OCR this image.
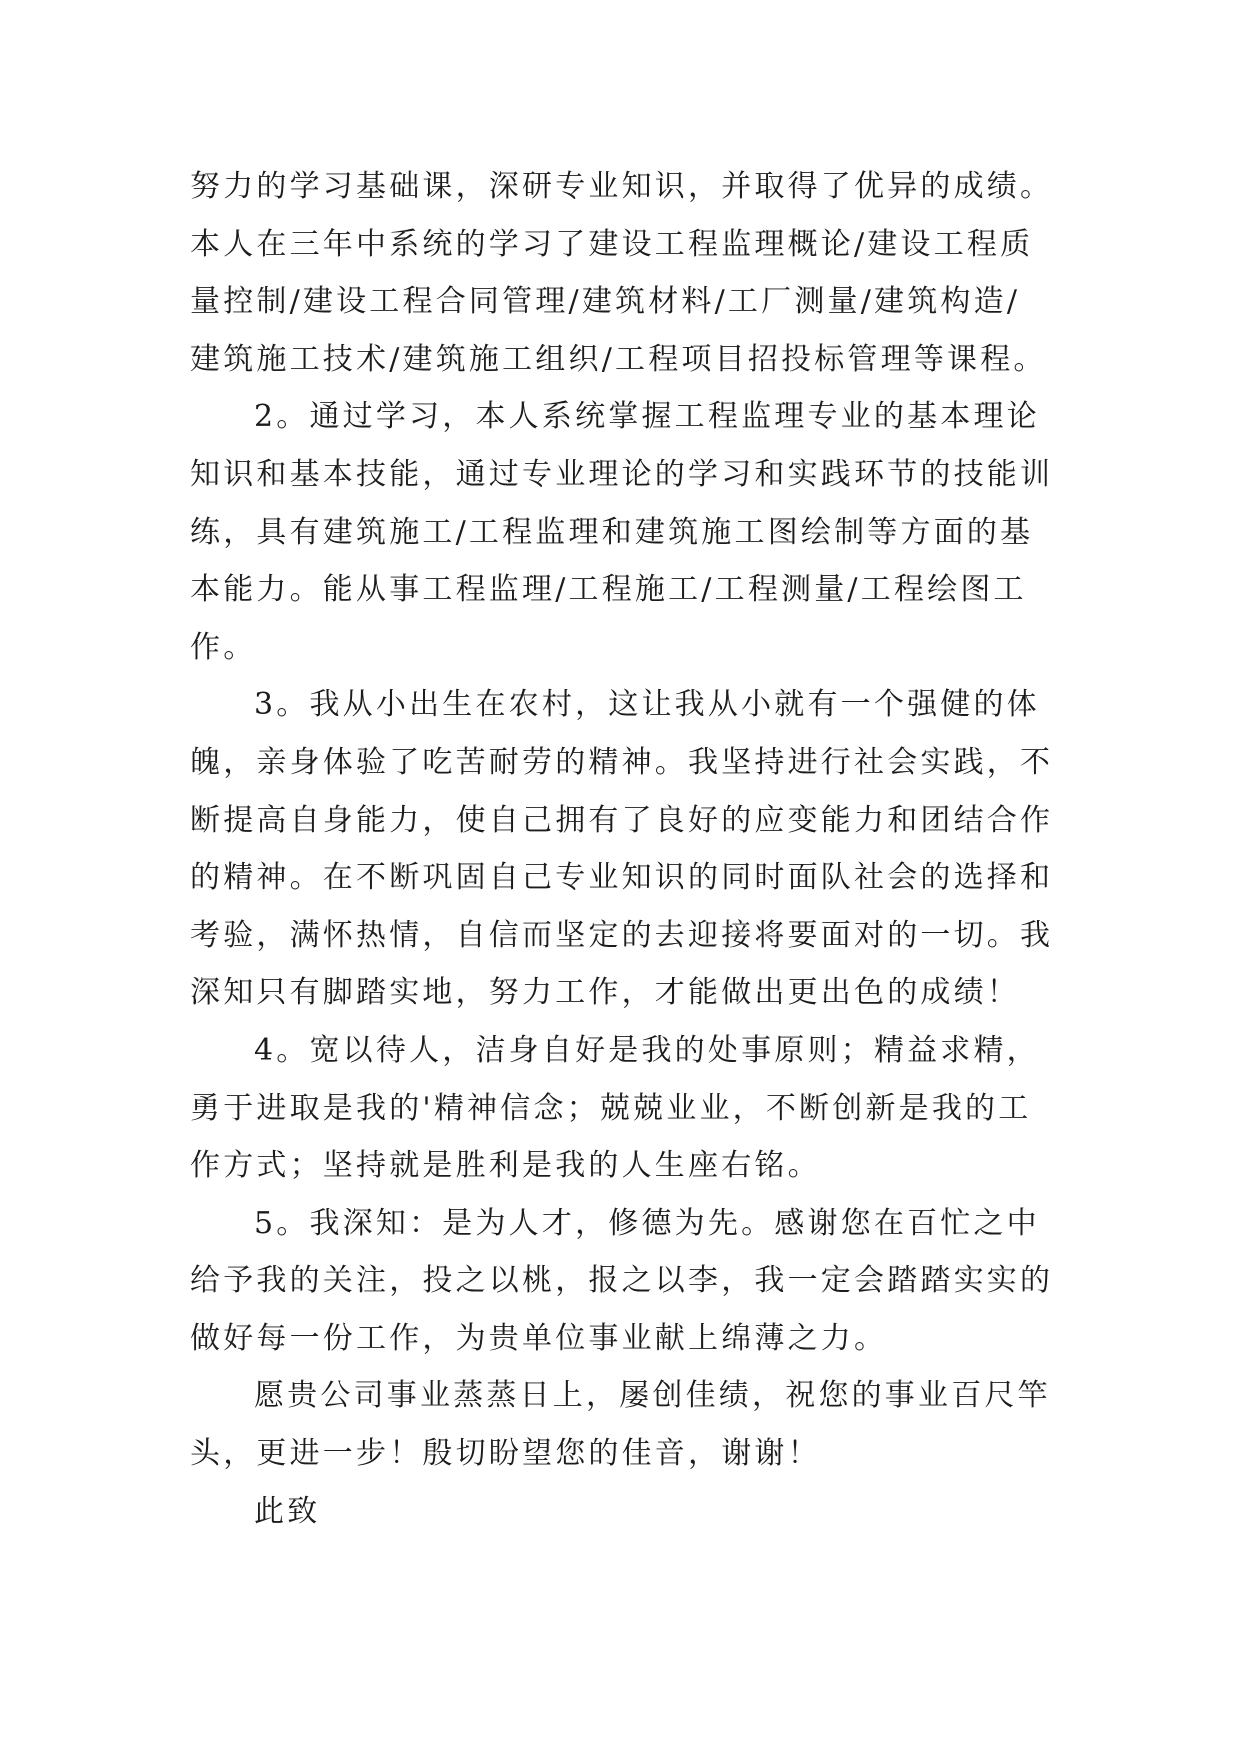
努力的学习基础课，深研专业知识，并取得了优异的成绩。
本人在三年中系统的学习了建设工程监理概论/建设工程质
量控制/建设工程合同管理/建筑材料/工厂测量/建筑构造/
建筑施工技术/建筑施工组织/工程项目招投标管理等课程。
2。通过学习，本人系统掌握工程监理专业的基本理论
知识和基本技能，通过专业理论的学习和实践环节的技能训
练，具有建筑施工/工程监理和建筑施工图绘制等方面的基
本能力。能从事工程监理/工程施工/工程测量/工程绘图工
作。
3。我从小出生在农村，这让我从小就有一个强健的体
魄，亲身体验了吃苦耐劳的精神。我坚持进行社会实践，不
断提高自身能力，使自己拥有了良好的应变能力和团结合作
的精神。在不断巩固自己专业知识的同时面队社会的选择和
考验，满怀热情，自信而坚定的去迎接将要面对的一切。我
深知只有脚踏实地，努力工作，才能做出更出色的成绩！
4。宽以待人，洁身自好是我的处事原则；精益求精，
勇于进取是我的'精神信念；兢兢业业，不断创新是我的工
作方式；坚持就是胜利是我的人生座右铭。
5。我深知：是为人才，修德为先。感谢您在百忙之中
给予我的关注，投之以桃，报之以李，我一定会踏踏实实的
做好每一份工作，为贵单位事业献上绵薄之力。
愿贵公司事业蒸蒸日上，屡创佳绩，祝您的事业百尺竿
头，更进一步！殷切盼望您的佳音，谢谢！
此致
